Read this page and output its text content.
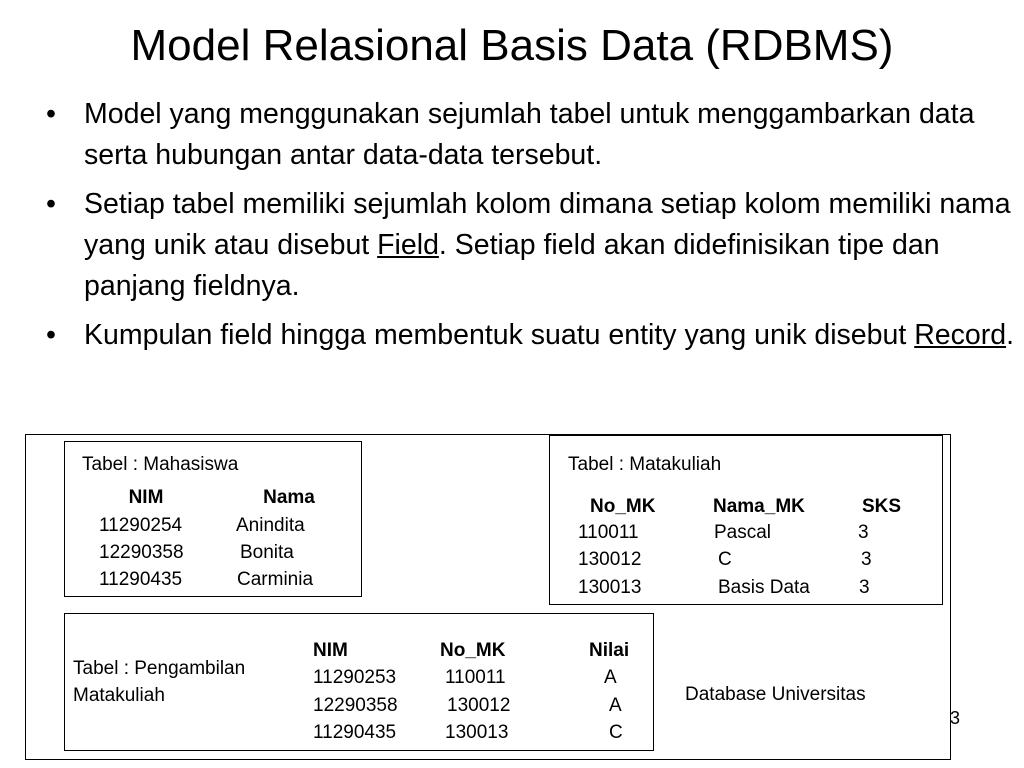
Model Relasional Basis Data (RDBMS)
• Model yang menggunakan sejumlah tabel untuk menggambarkan data serta hubungan antar data-data tersebut.
• Setiap tabel memiliki sejumlah kolom dimana setiap kolom memiliki nama yang unik atau disebut Field. Setiap field akan didefinisikan tipe dan panjang fieldnya.
• Kumpulan field hingga membentuk suatu entity yang unik disebut Record.
Tabel : Mahasiswa
NIM	Nama
11290254	Anindita
12290358	Bonita
11290435	Carminia
Tabel : Matakuliah
No_MK	Nama_MK	SKS
110011	Pascal	3
130012	C	3
130013	Basis Data	3
Tabel : Pengambilan
Matakuliah
NIM	No_MK	Nilai
11290253	110011	A
12290358	130012	A
11290435	130013	C
Database Universitas
3
